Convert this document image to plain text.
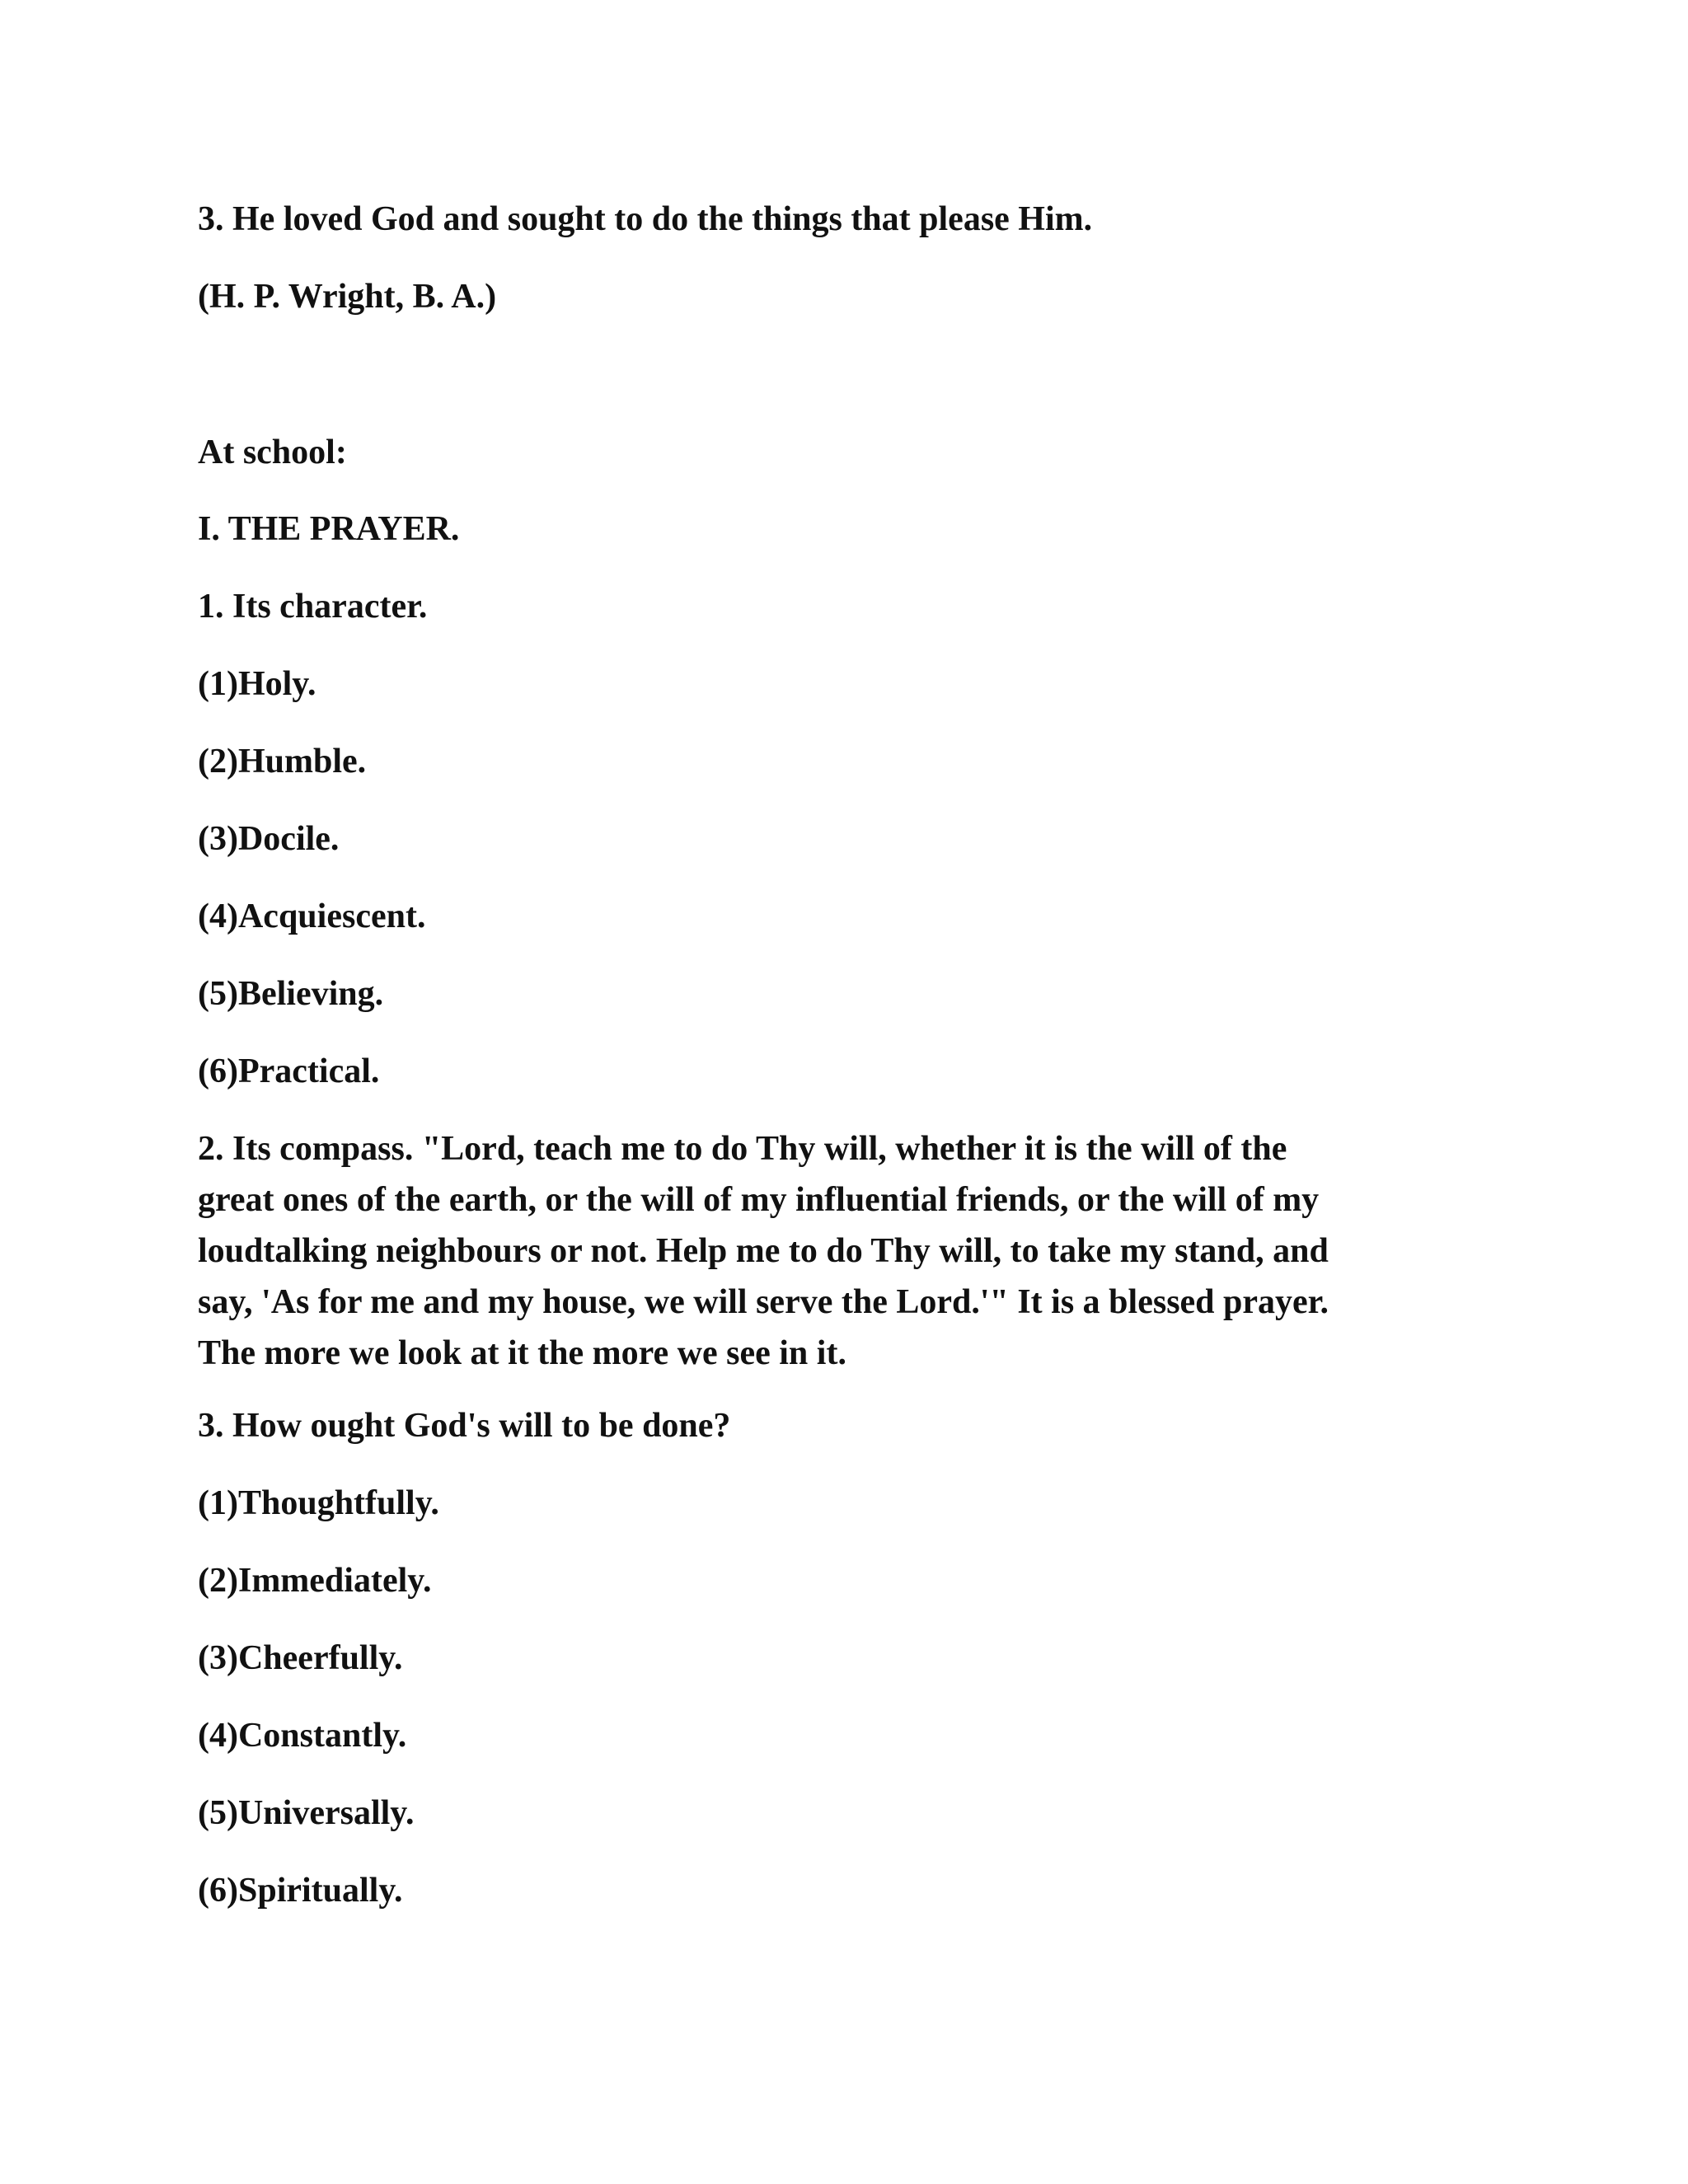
3. He loved God and sought to do the things that please Him.

(H. P. Wright, B. A.)

At school:

I. THE PRAYER.

1. Its character.

(1)Holy.

(2)Humble.

(3)Docile.

(4)Acquiescent.

(5)Believing.

(6)Practical.

2. Its compass. "Lord, teach me to do Thy will, whether it is the will of the
great ones of the earth, or the will of my influential friends, or the will of my
loudtalking neighbours or not. Help me to do Thy will, to take my stand, and
say, 'As for me and my house, we will serve the Lord.'" It is a blessed prayer.
The more we look at it the more we see in it.

3. How ought God's will to be done?

(1)Thoughtfully.

(2)Immediately.

(3)Cheerfully.

(4)Constantly.

(5)Universally.

(6)Spiritually.
